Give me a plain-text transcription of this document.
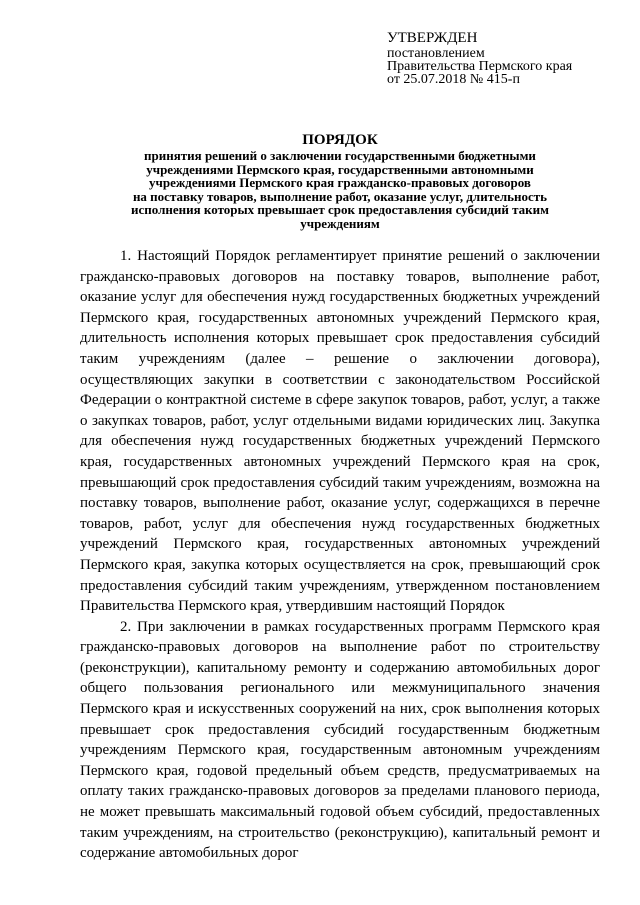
УТВЕРЖДЕН
постановлением
Правительства Пермского края
от 25.07.2018 № 415-п
ПОРЯДОК
принятия решений о заключении государственными бюджетными
учреждениями Пермского края, государственными автономными
учреждениями Пермского края гражданско-правовых договоров
на поставку товаров, выполнение работ, оказание услуг, длительность
исполнения которых превышает срок предоставления субсидий таким
учреждениям

1. Настоящий Порядок регламентирует принятие решений о заключении гражданско-правовых договоров на поставку товаров, выполнение работ, оказание услуг для обеспечения нужд государственных бюджетных учреждений Пермского края, государственных автономных учреждений Пермского края, длительность исполнения которых превышает срок предоставления субсидий таким учреждениям (далее – решение о заключении договора), осуществляющих закупки в соответствии с законодательством Российской Федерации о контрактной системе в сфере закупок товаров, работ, услуг, а также о закупках товаров, работ, услуг отдельными видами юридических лиц. Закупка для обеспечения нужд государственных бюджетных учреждений Пермского края, государственных автономных учреждений Пермского края на срок, превышающий срок предоставления субсидий таким учреждениям, возможна на поставку товаров, выполнение работ, оказание услуг, содержащихся в перечне товаров, работ, услуг для обеспечения нужд государственных бюджетных учреждений Пермского края, государственных автономных учреждений Пермского края, закупка которых осуществляется на срок, превышающий срок предоставления субсидий таким учреждениям, утвержденном постановлением Правительства Пермского края, утвердившим настоящий Порядок

2. При заключении в рамках государственных программ Пермского края гражданско-правовых договоров на выполнение работ по строительству (реконструкции), капитальному ремонту и содержанию автомобильных дорог общего пользования регионального или межмуниципального значения Пермского края и искусственных сооружений на них, срок выполнения которых превышает срок предоставления субсидий государственным бюджетным учреждениям Пермского края, государственным автономным учреждениям Пермского края, годовой предельный объем средств, предусматриваемых на оплату таких гражданско-правовых договоров за пределами планового периода, не может превышать максимальный годовой объем субсидий, предоставленных таким учреждениям, на строительство (реконструкцию), капитальный ремонт и содержание автомобильных дорог
